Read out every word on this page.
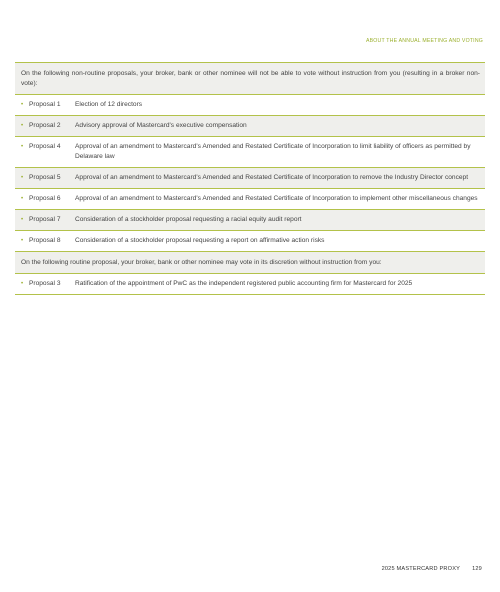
ABOUT THE ANNUAL MEETING AND VOTING
On the following non-routine proposals, your broker, bank or other nominee will not be able to vote without instruction from you (resulting in a broker non-vote):
• Proposal 1	Election of 12 directors
• Proposal 2	Advisory approval of Mastercard's executive compensation
• Proposal 4	Approval of an amendment to Mastercard's Amended and Restated Certificate of Incorporation to limit liability of officers as permitted by Delaware law
• Proposal 5	Approval of an amendment to Mastercard's Amended and Restated Certificate of Incorporation to remove the Industry Director concept
• Proposal 6	Approval of an amendment to Mastercard's Amended and Restated Certificate of Incorporation to implement other miscellaneous changes
• Proposal 7	Consideration of a stockholder proposal requesting a racial equity audit report
• Proposal 8	Consideration of a stockholder proposal requesting a report on affirmative action risks
On the following routine proposal, your broker, bank or other nominee may vote in its discretion without instruction from you:
• Proposal 3	Ratification of the appointment of PwC as the independent registered public accounting firm for Mastercard for 2025
2025 MASTERCARD PROXY 129
